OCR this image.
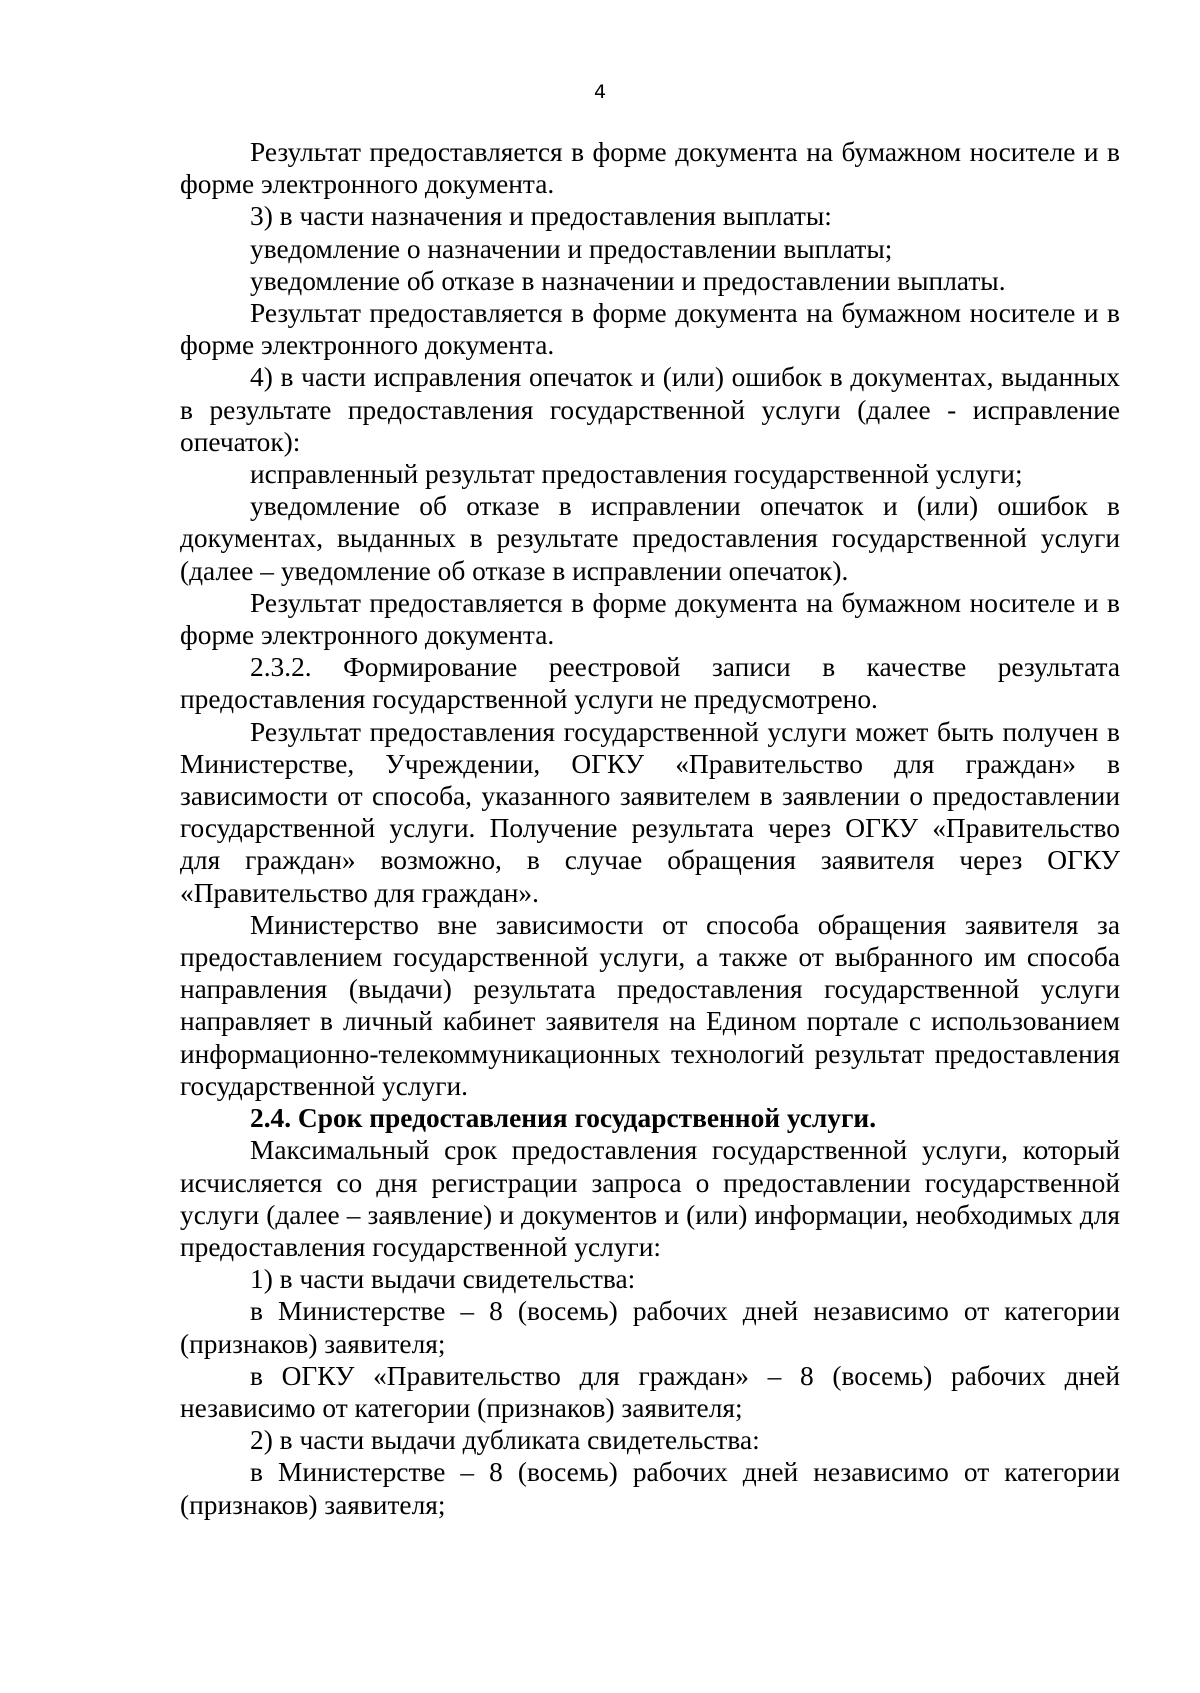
4

Результат предоставляется в форме документа на бумажном носителе и в форме электронного документа.

3) в части назначения и предоставления выплаты:

уведомление о назначении и предоставлении выплаты;

уведомление об отказе в назначении и предоставлении выплаты.

Результат предоставляется в форме документа на бумажном носителе и в форме электронного документа.

4) в части исправления опечаток и (или) ошибок в документах, выданных в результате предоставления государственной услуги (далее - исправление опечаток):

исправленный результат предоставления государственной услуги;

уведомление об отказе в исправлении опечаток и (или) ошибок в документах, выданных в результате предоставления государственной услуги (далее – уведомление об отказе в исправлении опечаток).

Результат предоставляется в форме документа на бумажном носителе и в форме электронного документа.

2.3.2. Формирование реестровой записи в качестве результата предоставления государственной услуги не предусмотрено.

Результат предоставления государственной услуги может быть получен в Министерстве, Учреждении, ОГКУ «Правительство для граждан» в зависимости от способа, указанного заявителем в заявлении о предоставлении государственной услуги. Получение результата через ОГКУ «Правительство для граждан» возможно, в случае обращения заявителя через ОГКУ «Правительство для граждан».

Министерство вне зависимости от способа обращения заявителя за предоставлением государственной услуги, а также от выбранного им способа направления (выдачи) результата предоставления государственной услуги направляет в личный кабинет заявителя на Едином портале с использованием информационно-телекоммуникационных технологий результат предоставления государственной услуги.

2.4. Срок предоставления государственной услуги.

Максимальный срок предоставления государственной услуги, который исчисляется со дня регистрации запроса о предоставлении государственной услуги (далее – заявление) и документов и (или) информации, необходимых для предоставления государственной услуги:

1) в части выдачи свидетельства:

в Министерстве – 8 (восемь) рабочих дней независимо от категории (признаков) заявителя;

в ОГКУ «Правительство для граждан» – 8 (восемь) рабочих дней независимо от категории (признаков) заявителя;

2) в части выдачи дубликата свидетельства:

в Министерстве – 8 (восемь) рабочих дней независимо от категории (признаков) заявителя;
